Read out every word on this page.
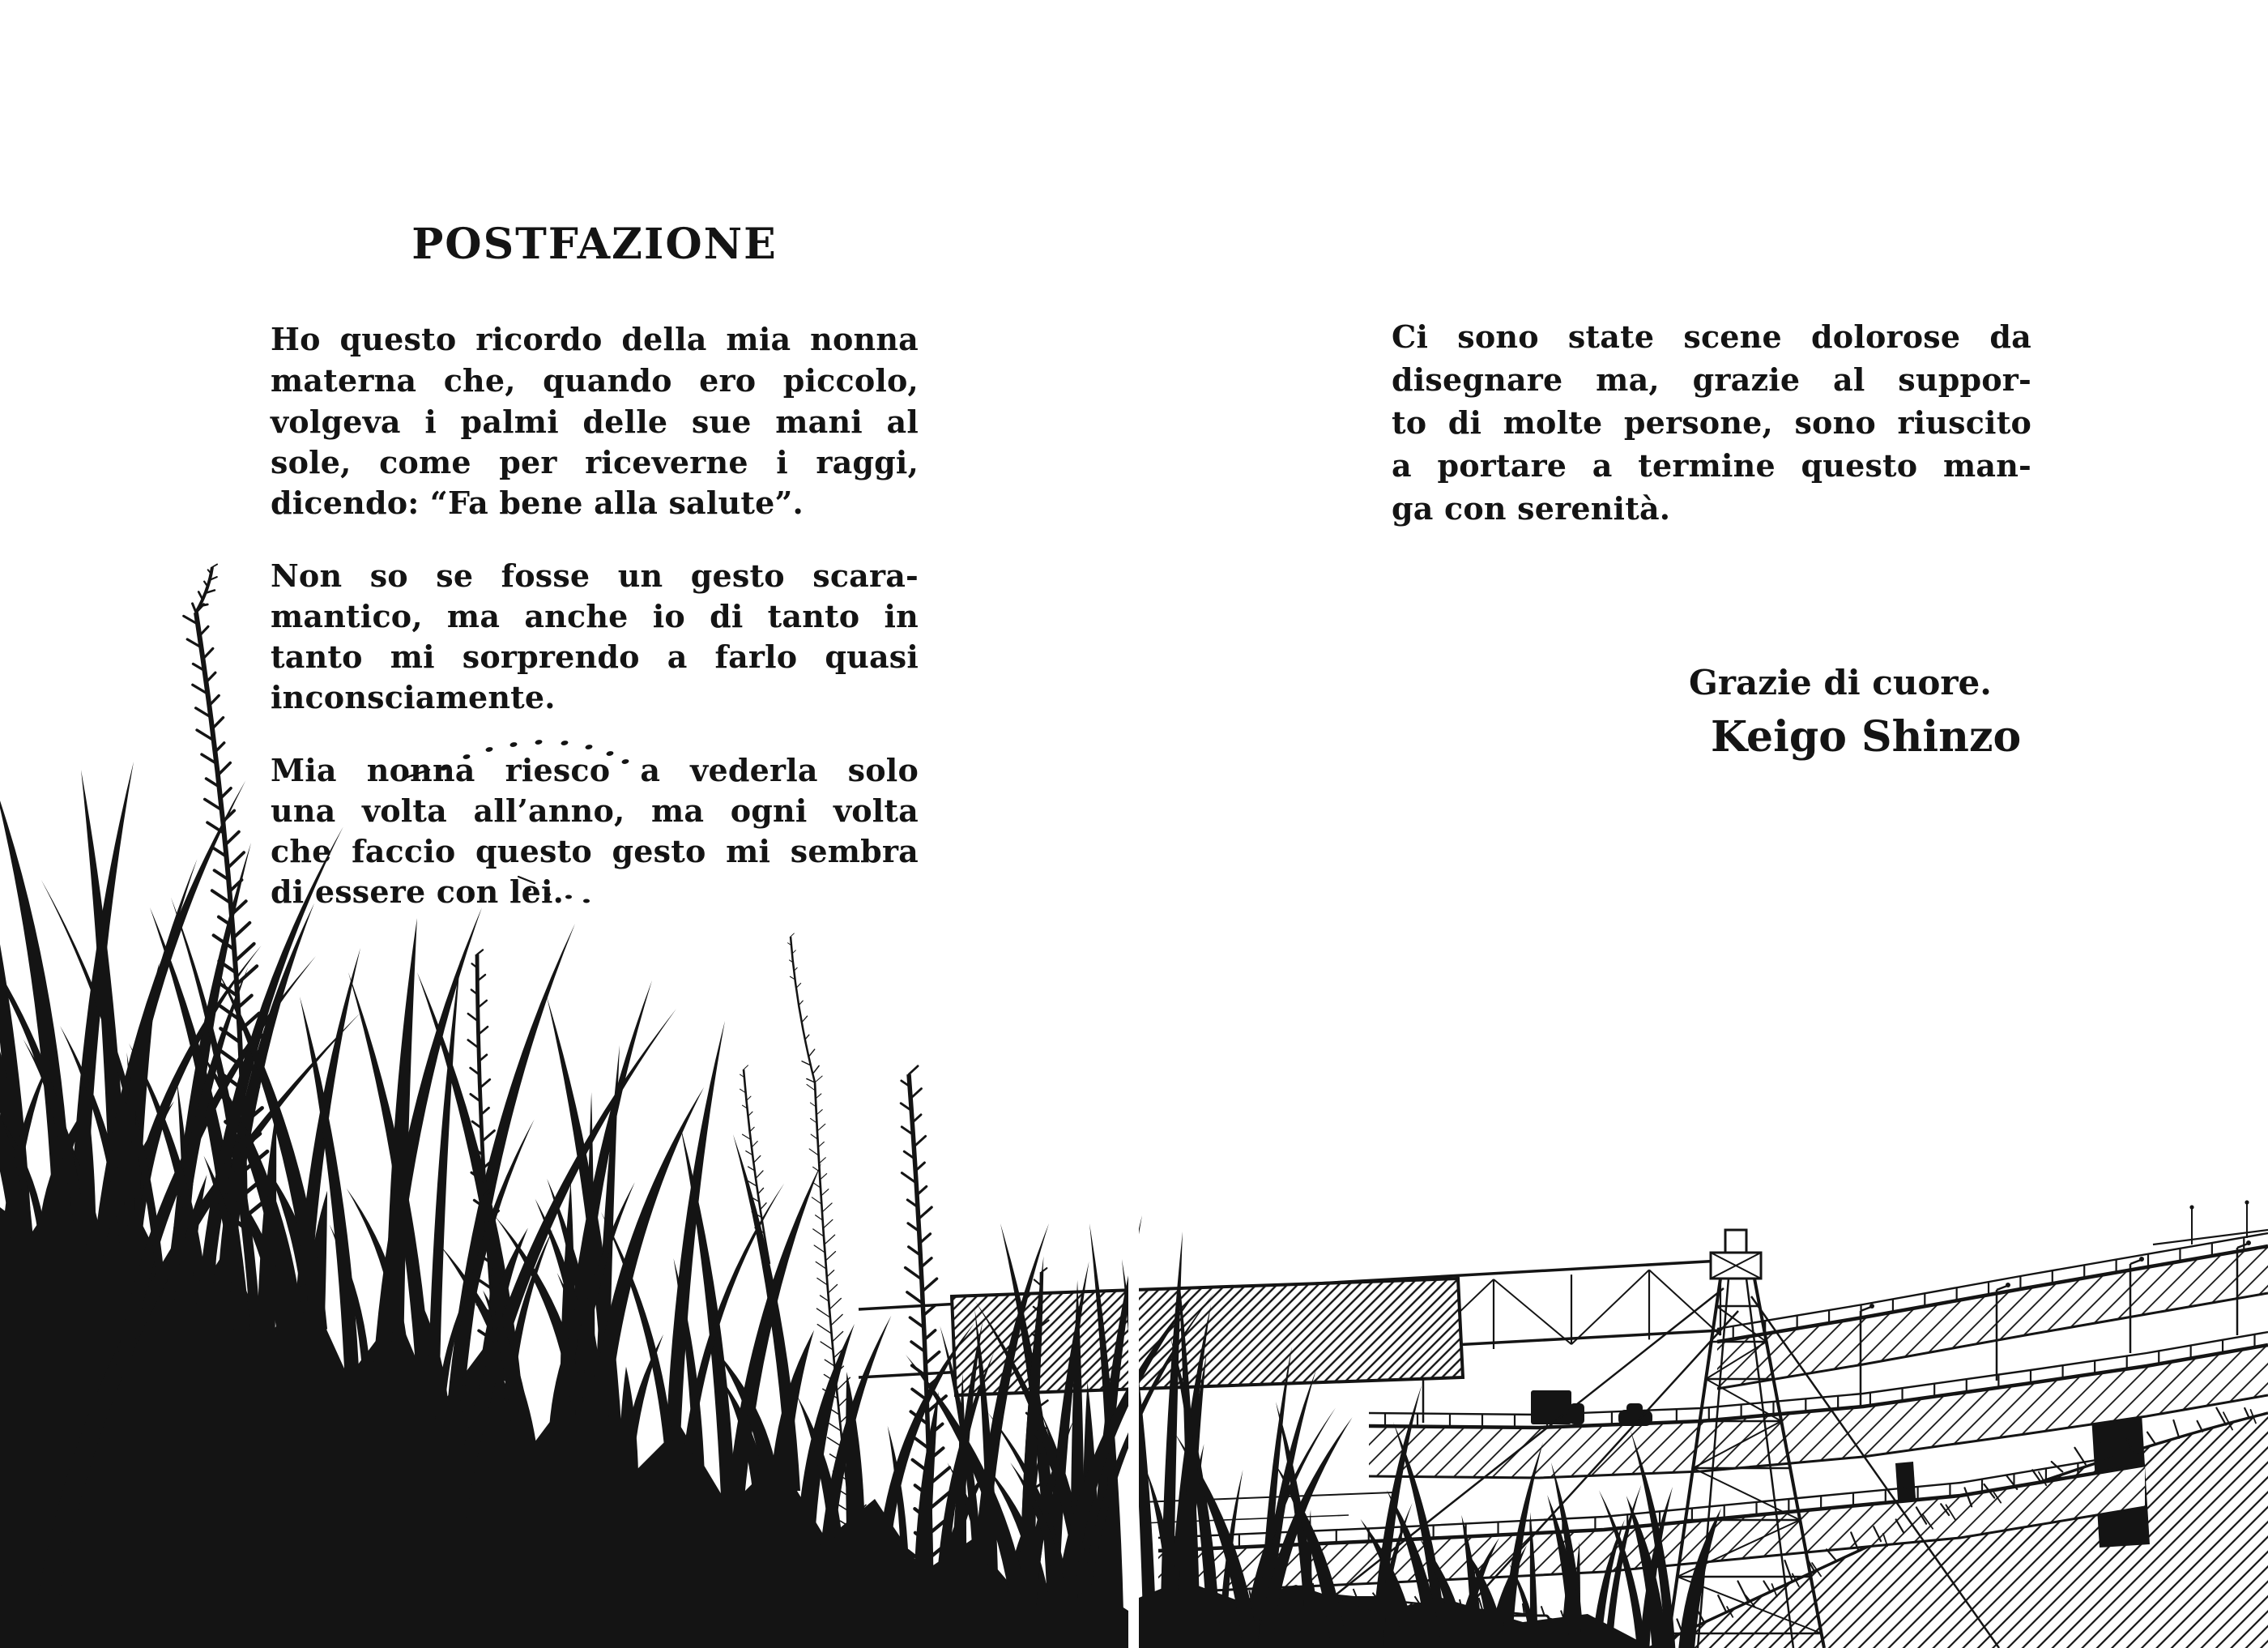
POSTFAZIONE
Ho questo ricordo della mia nonna
materna che, quando ero piccolo,
volgeva i palmi delle sue mani al
sole, come per riceverne i raggi,
dicendo: “Fa bene alla salute”.
Non so se fosse un gesto scara-
mantico, ma anche io di tanto in
tanto mi sorprendo a farlo quasi
inconsciamente.
Mia nonna riesco a vederla solo
una volta all’anno, ma ogni volta
che faccio questo gesto mi sembra
di essere con lei.
Ci sono state scene dolorose da
disegnare ma, grazie al suppor-
to di molte persone, sono riuscito
a portare a termine questo man-
ga con serenità.
Grazie di cuore.
Keigo Shinzo
